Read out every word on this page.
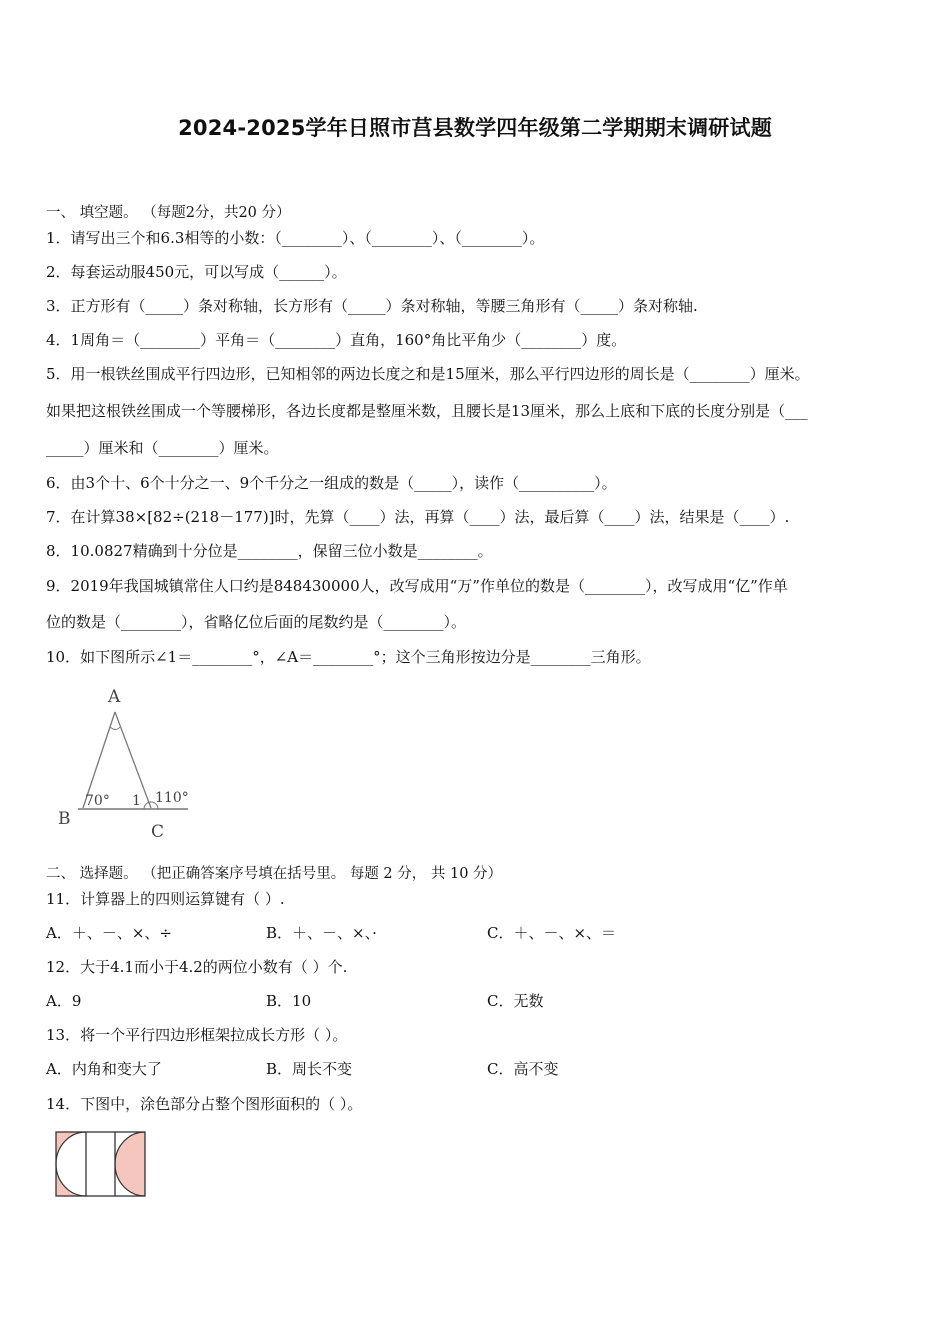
2024-2025学年日照市莒县数学四年级第二学期期末调研试题
一、 填空题。 （每题2分，共20 分）
1．请写出三个和6.3相等的小数：（________）、（________）、（________）。
2．每套运动服450元，可以写成（______）。
3．正方形有（_____）条对称轴，长方形有（_____）条对称轴，等腰三角形有（_____）条对称轴.
4．1周角＝（________）平角＝（________）直角，160°角比平角少（________）度。
5．用一根铁丝围成平行四边形，已知相邻的两边长度之和是15厘米，那么平行四边形的周长是（________）厘米。
如果把这根铁丝围成一个等腰梯形，各边长度都是整厘米数，且腰长是13厘米，那么上底和下底的长度分别是（___
_____）厘米和（________）厘米。
6．由3个十、6个十分之一、9个千分之一组成的数是（_____），读作（__________）。
7．在计算38×[82÷(218－177)]时，先算（____）法，再算（____）法，最后算（____）法，结果是（____）.
8．10.0827精确到十分位是________，保留三位小数是________。
9．2019年我国城镇常住人口约是848430000人，改写成用“万”作单位的数是（________），改写成用“亿”作单
位的数是（________），省略亿位后面的尾数约是（________）。
10．如下图所示∠1＝________°，∠A＝________°；这个三角形按边分是________三角形。
A
B
C
70° 1 110°
二、 选择题。 （把正确答案序号填在括号里。 每题 2 分， 共 10 分）
11．计算器上的四则运算键有（ ）.
A．＋、－、×、÷	B．＋、－、×、·	C．＋、－、×、＝
12．大于4.1而小于4.2的两位小数有（ ）个.
A．9	B．10	C．无数
13．将一个平行四边形框架拉成长方形（ ）。
A．内角和变大了	B．周长不变	C．高不变
14．下图中，涂色部分占整个图形面积的（ ）。
